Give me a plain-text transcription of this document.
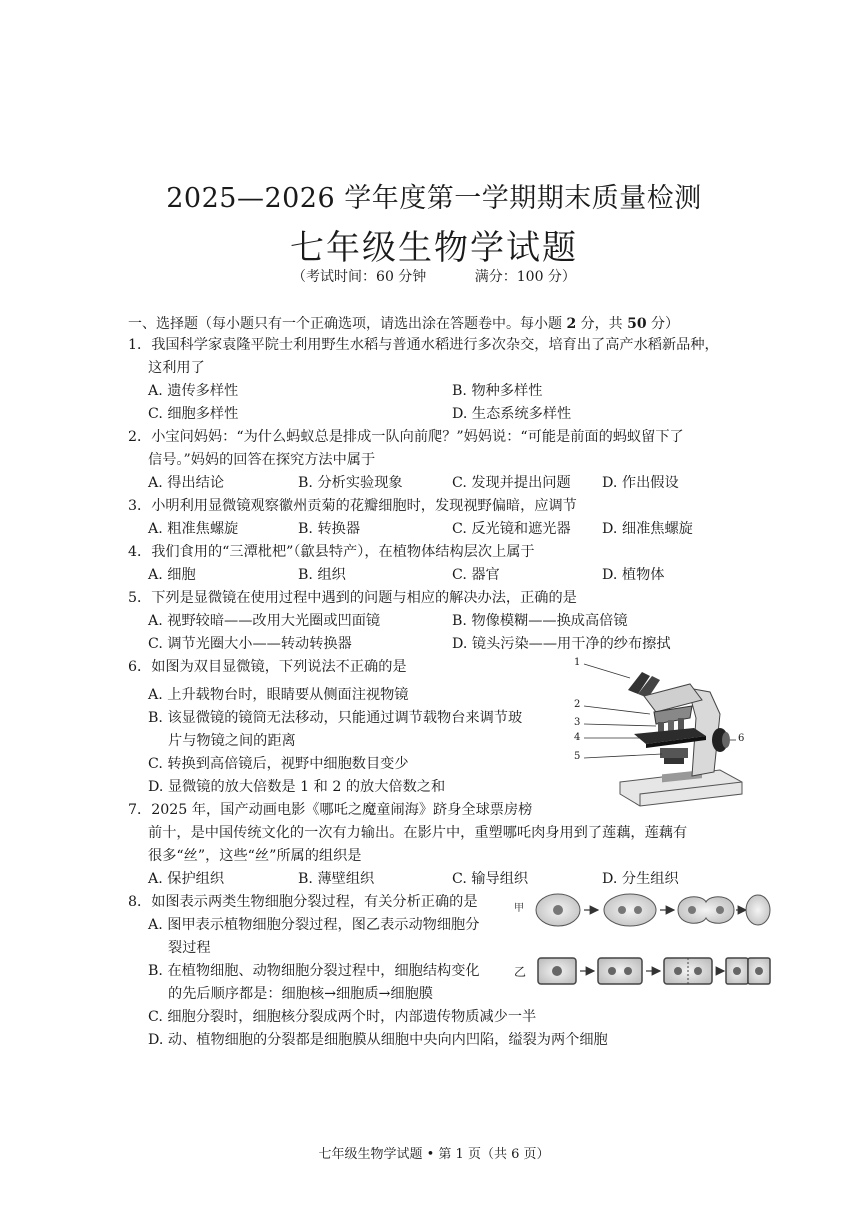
2025—2026 学年度第一学期期末质量检测
七年级生物学试题
（考试时间：60 分钟	满分：100 分）
一、选择题（每小题只有一个正确选项，请选出涂在答题卷中。每小题 2 分，共 50 分）
1．我国科学家袁隆平院士利用野生水稻与普通水稻进行多次杂交，培育出了高产水稻新品种，
这利用了
A. 遗传多样性	B. 物种多样性
C. 细胞多样性	D. 生态系统多样性
2．小宝问妈妈：“为什么蚂蚁总是排成一队向前爬？”妈妈说：“可能是前面的蚂蚁留下了
信号。”妈妈的回答在探究方法中属于
A. 得出结论	B. 分析实验现象	C. 发现并提出问题 D. 作出假设
3．小明利用显微镜观察徽州贡菊的花瓣细胞时，发现视野偏暗，应调节
A. 粗准焦螺旋	B. 转换器	C. 反光镜和遮光器 D. 细准焦螺旋
4．我们食用的“三潭枇杷”（歙县特产），在植物体结构层次上属于
A. 细胞	B. 组织	C. 器官	D. 植物体
5．下列是显微镜在使用过程中遇到的问题与相应的解决办法，正确的是
A. 视野较暗——改用大光圈或凹面镜	B. 物像模糊——换成高倍镜
C. 调节光圈大小——转动转换器	D. 镜头污染——用干净的纱布擦拭
6．如图为双目显微镜，下列说法不正确的是
A. 上升载物台时，眼睛要从侧面注视物镜
B. 该显微镜的镜筒无法移动，只能通过调节载物台来调节玻
片与物镜之间的距离
C. 转换到高倍镜后，视野中细胞数目变少
D. 显微镜的放大倍数是 1 和 2 的放大倍数之和
1
2
3
4
5
6
7．2025 年，国产动画电影《哪吒之魔童闹海》跻身全球票房榜
前十，是中国传统文化的一次有力输出。在影片中，重塑哪吒肉身用到了莲藕，莲藕有
很多“丝”，这些“丝”所属的组织是
A. 保护组织	B. 薄壁组织	C. 输导组织	D. 分生组织
8．如图表示两类生物细胞分裂过程，有关分析正确的是
A. 图甲表示植物细胞分裂过程，图乙表示动物细胞分
裂过程
B. 在植物细胞、动物细胞分裂过程中，细胞结构变化
的先后顺序都是：细胞核→细胞质→细胞膜
C. 细胞分裂时，细胞核分裂成两个时，内部遗传物质减少一半
D. 动、植物细胞的分裂都是细胞膜从细胞中央向内凹陷，缢裂为两个细胞
甲
乙
七年级生物学试题 • 第 1 页（共 6 页）
